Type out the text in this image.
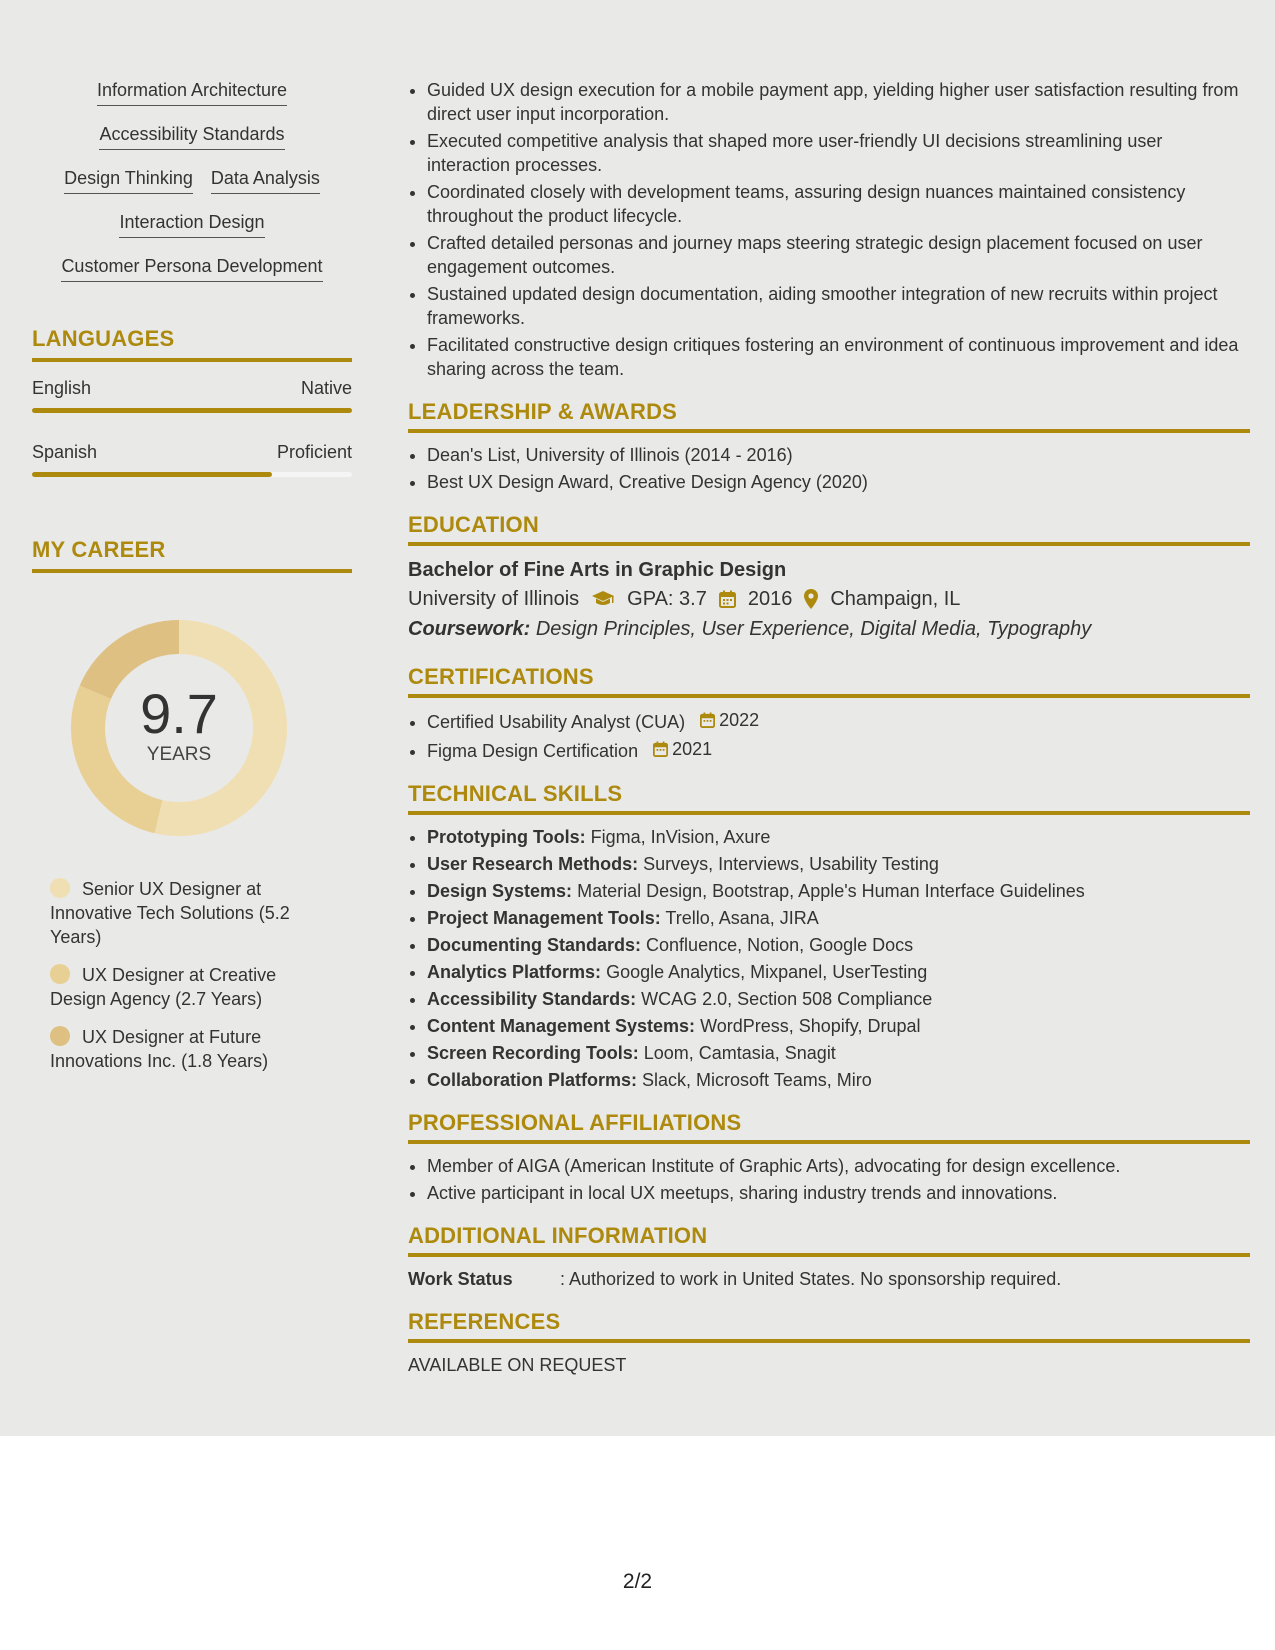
Information Architecture
Accessibility Standards
Design Thinking Data Analysis
Interaction Design
Customer Persona Development
LANGUAGES
English	Native
Spanish	Proficient
MY CAREER
9.7
YEARS
Senior UX Designer at Innovative Tech Solutions (5.2 Years)
UX Designer at Creative Design Agency (2.7 Years)
UX Designer at Future Innovations Inc. (1.8 Years)
• Guided UX design execution for a mobile payment app, yielding higher user satisfaction resulting from direct user input incorporation.
• Executed competitive analysis that shaped more user-friendly UI decisions streamlining user interaction processes.
• Coordinated closely with development teams, assuring design nuances maintained consistency throughout the product lifecycle.
• Crafted detailed personas and journey maps steering strategic design placement focused on user engagement outcomes.
• Sustained updated design documentation, aiding smoother integration of new recruits within project frameworks.
• Facilitated constructive design critiques fostering an environment of continuous improvement and idea sharing across the team.
LEADERSHIP & AWARDS
• Dean's List, University of Illinois (2014 - 2016)
• Best UX Design Award, Creative Design Agency (2020)
EDUCATION
Bachelor of Fine Arts in Graphic Design
University of Illinois GPA: 3.7 2016 Champaign, IL
Coursework: Design Principles, User Experience, Digital Media, Typography
CERTIFICATIONS
• Certified Usability Analyst (CUA) 2022
• Figma Design Certification 2021
TECHNICAL SKILLS
• Prototyping Tools: Figma, InVision, Axure
• User Research Methods: Surveys, Interviews, Usability Testing
• Design Systems: Material Design, Bootstrap, Apple's Human Interface Guidelines
• Project Management Tools: Trello, Asana, JIRA
• Documenting Standards: Confluence, Notion, Google Docs
• Analytics Platforms: Google Analytics, Mixpanel, UserTesting
• Accessibility Standards: WCAG 2.0, Section 508 Compliance
• Content Management Systems: WordPress, Shopify, Drupal
• Screen Recording Tools: Loom, Camtasia, Snagit
• Collaboration Platforms: Slack, Microsoft Teams, Miro
PROFESSIONAL AFFILIATIONS
• Member of AIGA (American Institute of Graphic Arts), advocating for design excellence.
• Active participant in local UX meetups, sharing industry trends and innovations.
ADDITIONAL INFORMATION
Work Status	: Authorized to work in United States. No sponsorship required.
REFERENCES
AVAILABLE ON REQUEST
2/2
